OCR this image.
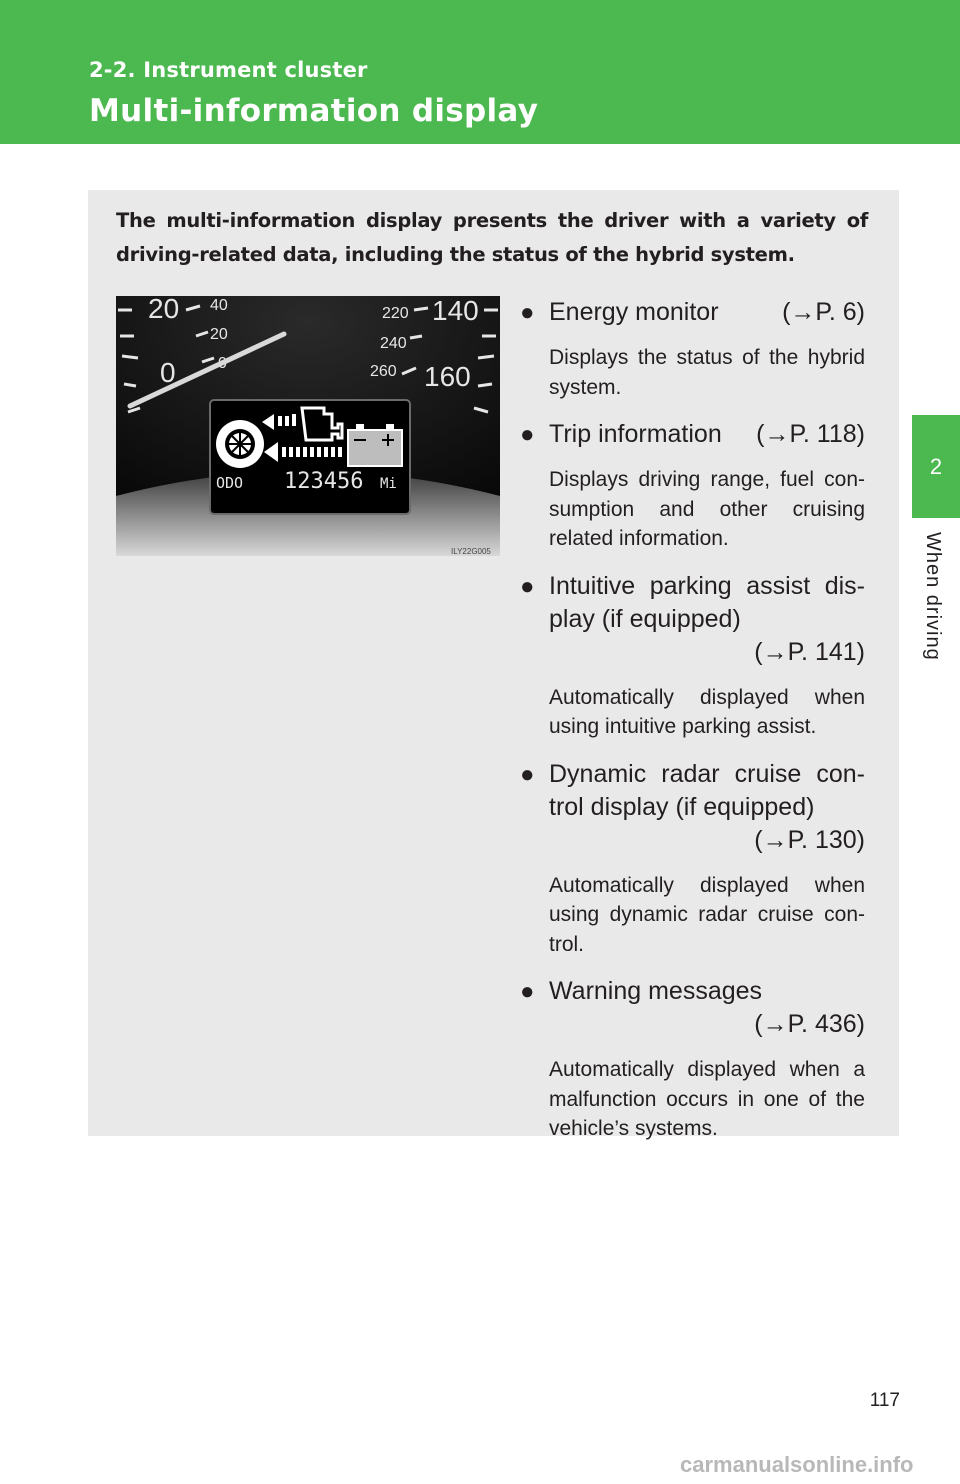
2-2. Instrument cluster
Multi-information display
2
When driving
The multi-information display presents the driver with a variety of driving-related data, including the status of the hybrid system.
20
0
40
20
140
160
220
240
260
ODO 123456 Mi
ILY22G005
● Energy monitor	(→P. 6)
Displays the status of the hybrid system.
● Trip information (→P. 118)
Displays driving range, fuel con-sumption and other cruising related information.
● Intuitive parking assist dis-play (if equipped)
(→P. 141)
Automatically displayed when using intuitive parking assist.
● Dynamic radar cruise con-trol display (if equipped)
(→P. 130)
Automatically displayed when using dynamic radar cruise con-trol.
● Warning messages
(→P. 436)
Automatically displayed when a malfunction occurs in one of the vehicle’s systems.
117
carmanualsonline.info
